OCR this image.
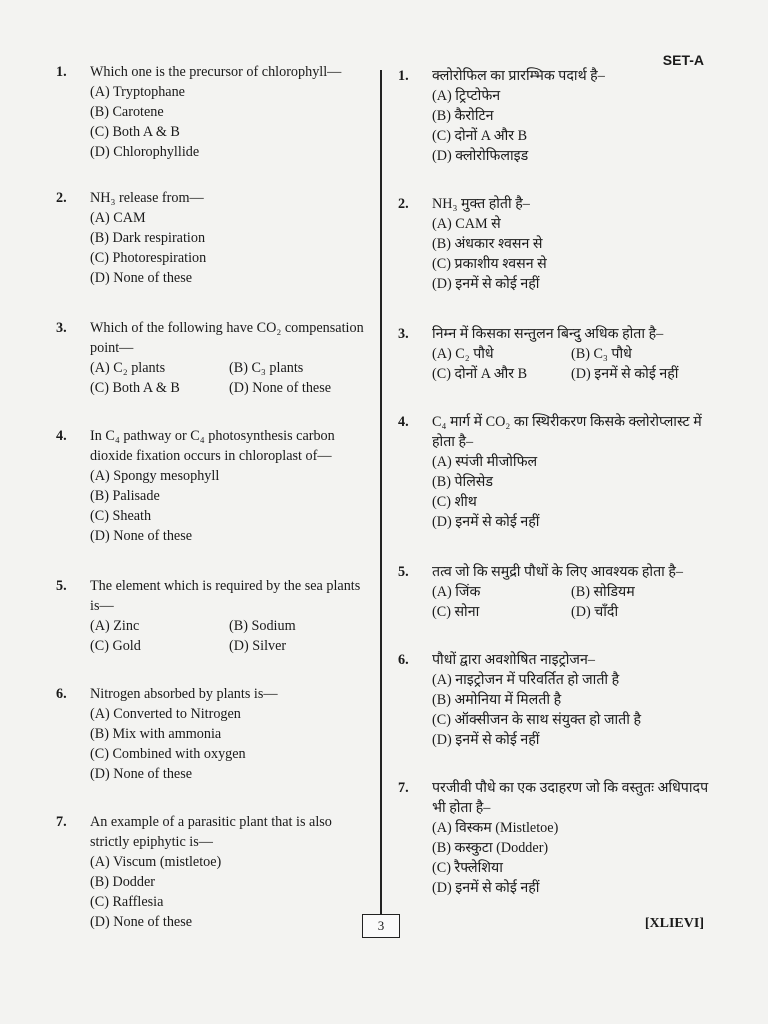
SET-A
1. Which one is the precursor of chlorophyll—
(A) Tryptophane
(B) Carotene
(C) Both A & B
(D) Chlorophyllide
2. NH₃ release from—
(A) CAM
(B) Dark respiration
(C) Photorespiration
(D) None of these
3. Which of the following have CO₂ compensation point—
(A) C₂ plants	(B) C₃ plants
(C) Both A & B	(D) None of these
4. In C₄ pathway or C₄ photosynthesis carbon dioxide fixation occurs in chloroplast of—
(A) Spongy mesophyll
(B) Palisade
(C) Sheath
(D) None of these
5. The element which is required by the sea plants is—
(A) Zinc	(B) Sodium
(C) Gold	(D) Silver
6. Nitrogen absorbed by plants is—
(A) Converted to Nitrogen
(B) Mix with ammonia
(C) Combined with oxygen
(D) None of these
7. An example of a parasitic plant that is also strictly epiphytic is—
(A) Viscum (mistletoe)
(B) Dodder
(C) Rafflesia
(D) None of these
1. क्लोरोफिल का प्रारम्भिक पदार्थ है–
(A) ट्रिप्टोफेन
(B) कैरोटिन
(C) दोनों A और B
(D) क्लोरोफिलाइड
2. NH₃ मुक्त होती है–
(A) CAM से
(B) अंधकार श्वसन से
(C) प्रकाशीय श्वसन से
(D) इनमें से कोई नहीं
3. निम्न में किसका सन्तुलन बिन्दु अधिक होता है–
(A) C₂ पौधे	(B) C₃ पौधे
(C) दोनों A और B	(D) इनमें से कोई नहीं
4. C₄ मार्ग में CO₂ का स्थिरीकरण किसके क्लोरोप्लास्ट में होता है–
(A) स्पंजी मीजोफिल
(B) पेलिसेड
(C) शीथ
(D) इनमें से कोई नहीं
5. तत्व जो कि समुद्री पौधों के लिए आवश्यक होता है–
(A) जिंक	(B) सोडियम
(C) सोना	(D) चाँदी
6. पौधों द्वारा अवशोषित नाइट्रोजन–
(A) नाइट्रोजन में परिवर्तित हो जाती है
(B) अमोनिया में मिलती है
(C) ऑक्सीजन के साथ संयुक्त हो जाती है
(D) इनमें से कोई नहीं
7. परजीवी पौधे का एक उदाहरण जो कि वस्तुतः अधिपादप भी होता है–
(A) विस्कम (Mistletoe)
(B) कस्कुटा (Dodder)
(C) रैफ्लेशिया
(D) इनमें से कोई नहीं
3	[XLIEVI]
